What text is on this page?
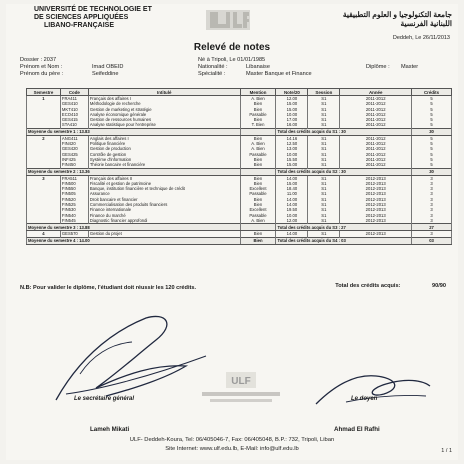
UNIVERSITÉ DE TECHNOLOGIE ET
DE SCIENCES APPLIQUÉES
LIBANO-FRANÇAISE
جامعة التكنولوجيا و العلوم التطبيقية
اللبنانية الفرنسية
Deddeh, Le 26/11/2013
Relevé de notes
Dossier : 2037
Prénom et Nom :	Imad OBEID
Prénom du père :	Seifeddine
Né à Tripoli, Le 01/01/1985
Nationalité :	Libanaise
Spécialité :	Master Banque et Finance
Diplôme : Master
Semestre	Code	Intitulé	Mention	Note/20	Session	Année	Crédits
1	FRA411	Français des affaires I	A. Bien	12.00	S1	2011-2012	5
	GES410	Méthodologie de recherche	Bien	15.00	S1	2011-2012	5
	MKT410	Gestion de marketing et stratégie	Bien	15.00	S1	2011-2012	5
	ECO410	Analyse économique générale	Passable	10.00	S1	2011-2012	5
	GES415	Gestion de ressources humaines	Bien	17.00	S1	2011-2012	5
	STA410	Analyse statistique pour l'entreprise	T. Bien	16.00	S1	2011-2012	5
Moyenne du semestre 1 : 13.83				Total des crédits acquis du S1 : 30			30
2	ANG411	Anglais des affaires I	Bien	14.16	S1	2011-2012	5
	FIN420	Politique financière	A. Bien	12.50	S1	2011-2012	5
	GES420	Gestion de production	A. Bien	13.00	S1	2011-2012	5
	GES425	Contrôle de gestion	Passable	10.00	S1	2011-2012	5
	INF425	Système d'information	Bien	15.50	S1	2011-2012	5
	FIN450	Théorie bancaire et financière	Bien	15.00	S1	2011-2012	5
Moyenne du semestre 2 : 13.36				Total des crédits acquis du S2 : 30			30
3	FRA511	Français des affaires II	Bien	14.00	S1	2012-2013	3
	FIN500	Fiscalité et gestion de patrimoine	Bien	15.00	S1	2012-2013	3
	FIN550	Banque, institution financière et technique de crédit	Excellent	18.40	S1	2012-2013	3
	FIN505	Assurance	Passable	11.00	S1	2012-2013	3
	FIN520	Droit bancaire et financier	Bien	14.00	S1	2012-2013	3
	FIN525	Commercialisation des produits financiers	Bien	14.00	S1	2012-2013	3
	FIN530	Finance internationale	Excellent	19.50	S1	2012-2013	3
	FIN540	Finance du marché	Passable	10.00	S1	2012-2013	3
	FIN545	Diagnostic financier approfondi	A. Bien	12.00	S1	2012-2013	3
Moyenne du semestre 3 : 13.88				Total des crédits acquis du S3 : 27			27
4	GES570	Gestion du projet	Bien	14.00	S1	2012-2013	3
Moyenne du semestre 4 : 14.00			Bien	Total des crédits acquis du S4 : 03			03
N.B: Pour valider le diplôme, l'étudiant doit réussir les 120 crédits.	Total des crédits acquis:	90/90
ULF
Le secrétaire général	Le doyen
Lameh Mikati	Ahmad El Rafhi
ULF- Deddeh-Koura, Tel: 06/405046-7, Fax: 06/405048, B.P.: 732, Tripoli, Liban
Site Internet: www.ulf.edu.lb, E-Mail: info@ulf.edu.lb	1 / 1
